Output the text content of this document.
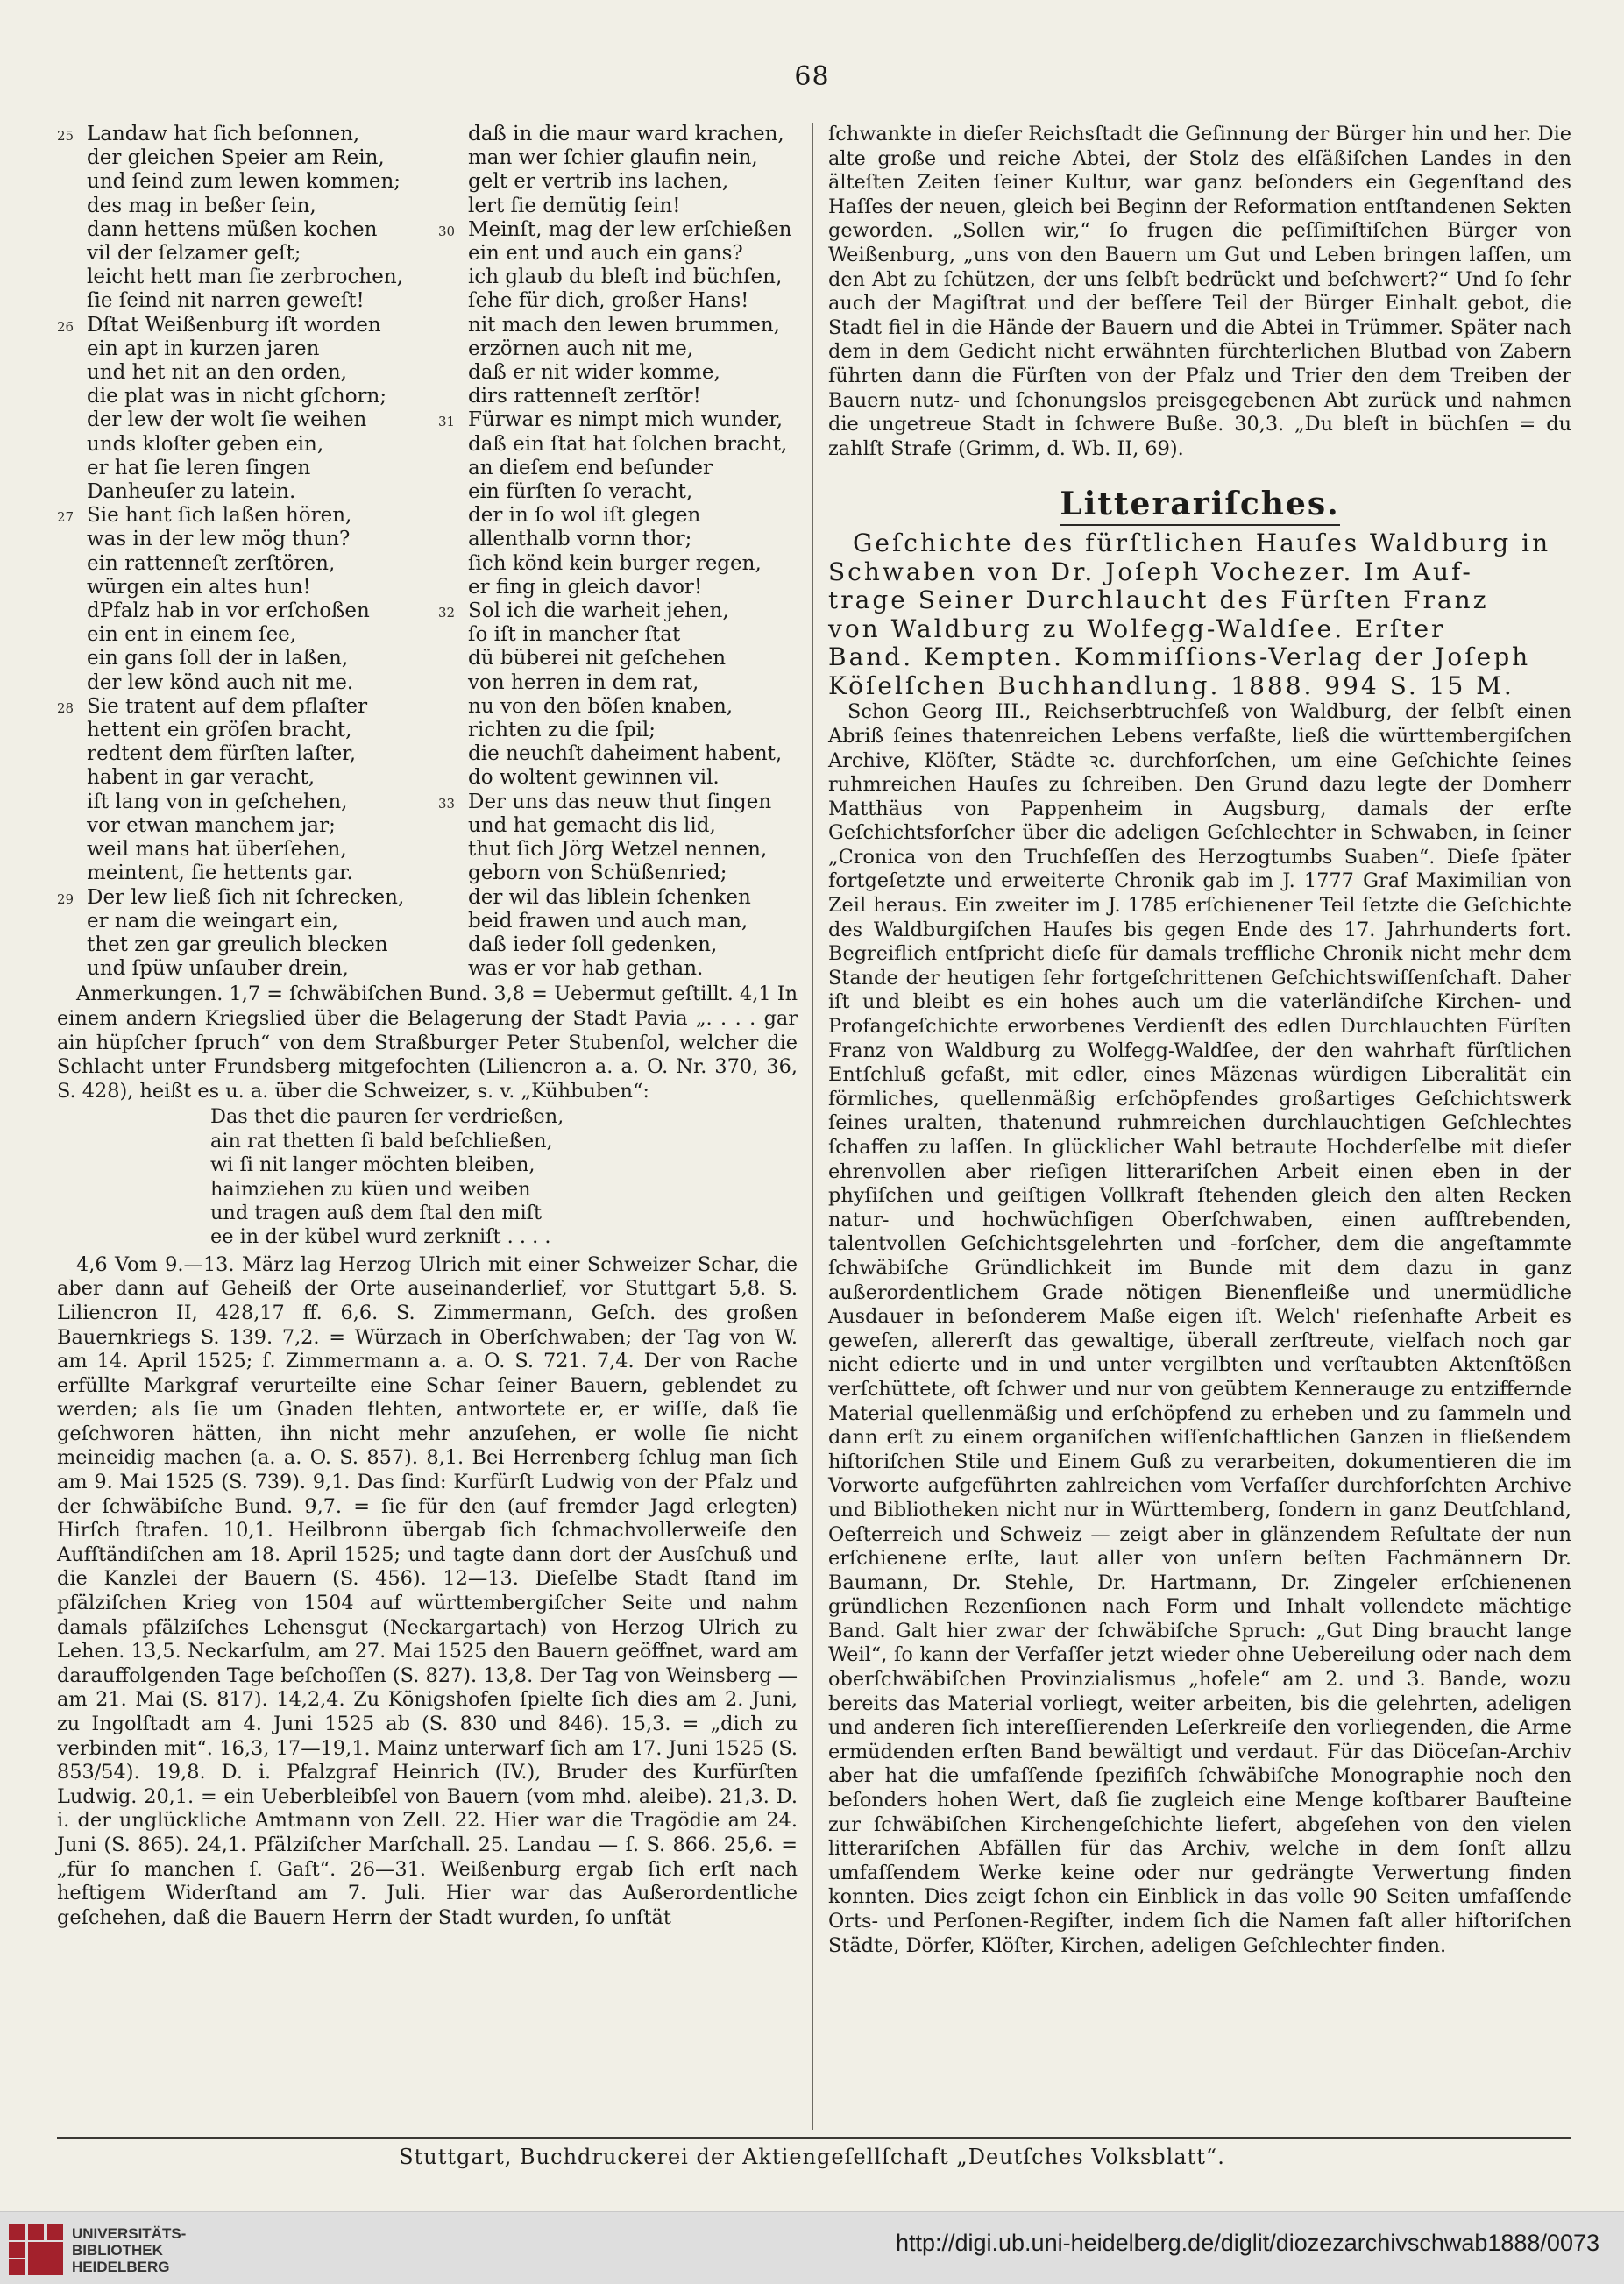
68
25 Landaw hat ſich beſonnen,
der gleichen Speier am Rein,
und ſeind zum lewen kommen;
des mag in beßer ſein,
dann hettens müßen kochen
vil der ſelzamer geſt;
leicht hett man ſie zerbrochen,
ſie ſeind nit narren geweſt!
26 Dſtat Weißenburg iſt worden
ein apt in kurzen jaren
und het nit an den orden,
die plat was in nicht gſchorn;
der lew der wolt ſie weihen
unds kloſter geben ein,
er hat ſie leren ſingen
Danheuſer zu latein.
27 Sie hant ſich laßen hören,
was in der lew mög thun?
ein rattenneſt zerſtören,
würgen ein altes hun!
dPfalz hab in vor erſchoßen
ein ent in einem ſee,
ein gans ſoll der in laßen,
der lew könd auch nit me.
28 Sie tratent auf dem pflaſter
hettent ein gröſen bracht,
redtent dem fürſten laſter,
habent in gar veracht,
iſt lang von in geſchehen,
vor etwan manchem jar;
weil mans hat überſehen,
meintent, ſie hettents gar.
29 Der lew ließ ſich nit ſchrecken,
er nam die weingart ein,
thet zen gar greulich blecken
und ſpüw unſauber drein,
daß in die maur ward krachen,
man wer ſchier glaufin nein,
gelt er vertrib ins lachen,
lert ſie demütig ſein!
30 Meinſt, mag der lew erſchießen
ein ent und auch ein gans?
ich glaub du bleſt ind büchſen,
ſehe für dich, großer Hans!
nit mach den lewen brummen,
erzörnen auch nit me,
daß er nit wider komme,
dirs rattenneſt zerſtör!
31 Fürwar es nimpt mich wunder,
daß ein ſtat hat ſolchen bracht,
an dieſem end beſunder
ein fürſten ſo veracht,
der in ſo wol iſt glegen
allenthalb vornn thor;
ſich könd kein burger regen,
er fing in gleich davor!
32 Sol ich die warheit jehen,
ſo iſt in mancher ſtat
dü büberei nit geſchehen
von herren in dem rat,
nu von den böſen knaben,
richten zu die ſpil;
die neuchſt daheiment habent,
do woltent gewinnen vil.
33 Der uns das neuw thut ſingen
und hat gemacht dis lid,
thut ſich Jörg Wetzel nennen,
geborn von Schüßenried;
der wil das liblein ſchenken
beid frawen und auch man,
daß ieder ſoll gedenken,
was er vor hab gethan.

Anmerkungen. 1,7 = ſchwäbiſchen Bund. 3,8 = Uebermut geſtillt. 4,1 In einem andern Kriegslied über die Belagerung der Stadt Pavia „. . . . gar ain hüpſcher ſpruch“ von dem Straßburger Peter Stubenſol, welcher die Schlacht unter Frundsberg mitgefochten (Liliencron a. a. O. Nr. 370, 36, S. 428), heißt es u. a. über die Schweizer, s. v. „Kühbuben“:

Das thet die pauren ſer verdrießen,
ain rat thetten ſi bald beſchließen,
wi ſi nit langer möchten bleiben,
haimziehen zu küen und weiben
und tragen auß dem ſtal den miſt
ee in der kübel wurd zerkniſt . . . .

4,6 Vom 9.—13. März lag Herzog Ulrich mit einer Schweizer Schar, die aber dann auf Geheiß der Orte auseinanderlief, vor Stuttgart 5,8. S. Liliencron II, 428,17 ff. 6,6. S. Zimmermann, Geſch. des großen Bauernkriegs S. 139. 7,2. = Würzach in Oberſchwaben; der Tag von W. am 14. April 1525; ſ. Zimmermann a. a. O. S. 721. 7,4. Der von Rache erfüllte Markgraf verurteilte eine Schar ſeiner Bauern, geblendet zu werden; als ſie um Gnaden flehten, antwortete er, er wiſſe, daß ſie geſchworen hätten, ihn nicht mehr anzuſehen, er wolle ſie nicht meineidig machen (a. a. O. S. 857). 8,1. Bei Herrenberg ſchlug man ſich am 9. Mai 1525 (S. 739). 9,1. Das ſind: Kurfürſt Ludwig von der Pfalz und der ſchwäbiſche Bund. 9,7. = ſie für den (auf fremder Jagd erlegten) Hirſch ſtrafen. 10,1. Heilbronn übergab ſich ſchmachvollerweiſe den Aufſtändiſchen am 18. April 1525; und tagte dann dort der Ausſchuß und die Kanzlei der Bauern (S. 456). 12—13. Dieſelbe Stadt ſtand im pfälziſchen Krieg von 1504 auf württembergiſcher Seite und nahm damals pfälziſches Lehensgut (Neckargartach) von Herzog Ulrich zu Lehen. 13,5. Neckarſulm, am 27. Mai 1525 den Bauern geöffnet, ward am darauffolgenden Tage beſchoſſen (S. 827). 13,8. Der Tag von Weinsberg — am 21. Mai (S. 817). 14,2,4. Zu Königshofen ſpielte ſich dies am 2. Juni, zu Ingolſtadt am 4. Juni 1525 ab (S. 830 und 846). 15,3. = „dich zu verbinden mit“. 16,3, 17—19,1. Mainz unterwarf ſich am 17. Juni 1525 (S. 853/54). 19,8. D. i. Pfalzgraf Heinrich (IV.), Bruder des Kurfürſten Ludwig. 20,1. = ein Ueberbleibſel von Bauern (vom mhd. aleibe). 21,3. D. i. der unglückliche Amtmann von Zell. 22. Hier war die Tragödie am 24. Juni (S. 865). 24,1. Pfälziſcher Marſchall. 25. Landau — ſ. S. 866. 25,6. = „für ſo manchen ſ. Gaſt“. 26—31. Weißenburg ergab ſich erſt nach heftigem Widerſtand am 7. Juli. Hier war das Außerordentliche geſchehen, daß die Bauern Herrn der Stadt wurden, ſo unſtät

ſchwankte in dieſer Reichsſtadt die Geſinnung der Bürger hin und her. Die alte große und reiche Abtei, der Stolz des elſäßiſchen Landes in den älteſten Zeiten ſeiner Kultur, war ganz beſonders ein Gegenſtand des Haſſes der neuen, gleich bei Beginn der Reformation entſtandenen Sekten geworden. „Sollen wir,“ ſo frugen die peſſimiſtiſchen Bürger von Weißenburg, „uns von den Bauern um Gut und Leben bringen laſſen, um den Abt zu ſchützen, der uns ſelbſt bedrückt und beſchwert?“ Und ſo ſehr auch der Magiſtrat und der beſſere Teil der Bürger Einhalt gebot, die Stadt fiel in die Hände der Bauern und die Abtei in Trümmer. Später nach dem in dem Gedicht nicht erwähnten fürchterlichen Blutbad von Zabern führten dann die Fürſten von der Pfalz und Trier den dem Treiben der Bauern nutz- und ſchonungslos preisgegebenen Abt zurück und nahmen die ungetreue Stadt in ſchwere Buße. 30,3. „Du bleſt in büchſen = du zahlſt Strafe (Grimm, d. Wb. II, 69).

Litterariſches.
Geſchichte des fürſtlichen Hauſes Waldburg in
Schwaben von Dr. Joſeph Vochezer. Im Auf-
trage Seiner Durchlaucht des Fürſten Franz
von Waldburg zu Wolfegg-Waldſee. Erſter
Band. Kempten. Kommiſſions-Verlag der Joſeph
Köſelſchen Buchhandlung. 1888. 994 S. 15 M.

Schon Georg III., Reichserbtruchſeß von Waldburg, der ſelbſt einen Abriß ſeines thatenreichen Lebens verfaßte, ließ die württembergiſchen Archive, Klöſter, Städte ꝛc. durchforſchen, um eine Geſchichte ſeines ruhmreichen Hauſes zu ſchreiben. Den Grund dazu legte der Domherr Matthäus von Pappenheim in Augsburg, damals der erſte Geſchichtsforſcher über die adeligen Geſchlechter in Schwaben, in ſeiner „Cronica von den Truchſeſſen des Herzogtumbs Suaben“. Dieſe ſpäter fortgeſetzte und erweiterte Chronik gab im J. 1777 Graf Maximilian von Zeil heraus. Ein zweiter im J. 1785 erſchienener Teil ſetzte die Geſchichte des Waldburgiſchen Hauſes bis gegen Ende des 17. Jahrhunderts fort. Begreiflich entſpricht dieſe für damals treffliche Chronik nicht mehr dem Stande der heutigen ſehr fortgeſchrittenen Geſchichtswiſſenſchaft. Daher iſt und bleibt es ein hohes auch um die vaterländiſche Kirchen- und Profangeſchichte erworbenes Verdienſt des edlen Durchlauchten Fürſten Franz von Waldburg zu Wolfegg-Waldſee, der den wahrhaft fürſtlichen Entſchluß gefaßt, mit edler, eines Mäzenas würdigen Liberalität ein förmliches, quellenmäßig erſchöpfendes großartiges Geſchichtswerk ſeines uralten, thatenund ruhmreichen durchlauchtigen Geſchlechtes ſchaffen zu laſſen. In glücklicher Wahl betraute Hochderſelbe mit dieſer ehrenvollen aber rieſigen litterariſchen Arbeit einen eben in der phyſiſchen und geiſtigen Vollkraft ſtehenden gleich den alten Recken natur- und hochwüchſigen Oberſchwaben, einen aufſtrebenden, talentvollen Geſchichtsgelehrten und -forſcher, dem die angeſtammte ſchwäbiſche Gründlichkeit im Bunde mit dem dazu in ganz außerordentlichem Grade nötigen Bienenfleiße und unermüdliche Ausdauer in beſonderem Maße eigen iſt. Welch' rieſenhafte Arbeit es geweſen, allererſt das gewaltige, überall zerſtreute, vielfach noch gar nicht edierte und in und unter vergilbten und verſtaubten Aktenſtößen verſchüttete, oft ſchwer und nur von geübtem Kennerauge zu entziffernde Material quellenmäßig und erſchöpfend zu erheben und zu ſammeln und dann erſt zu einem organiſchen wiſſenſchaftlichen Ganzen in fließendem hiſtoriſchen Stile und Einem Guß zu verarbeiten, dokumentieren die im Vorworte aufgeführten zahlreichen vom Verfaſſer durchforſchten Archive und Bibliotheken nicht nur in Württemberg, ſondern in ganz Deutſchland, Oeſterreich und Schweiz — zeigt aber in glänzendem Reſultate der nun erſchienene erſte, laut aller von unſern beſten Fachmännern Dr. Baumann, Dr. Stehle, Dr. Hartmann, Dr. Zingeler erſchienenen gründlichen Rezenſionen nach Form und Inhalt vollendete mächtige Band. Galt hier zwar der ſchwäbiſche Spruch: „Gut Ding braucht lange Weil“, ſo kann der Verfaſſer jetzt wieder ohne Uebereilung oder nach dem oberſchwäbiſchen Provinzialismus „hofele“ am 2. und 3. Bande, wozu bereits das Material vorliegt, weiter arbeiten, bis die gelehrten, adeligen und anderen ſich intereſſierenden Leſerkreiſe den vorliegenden, die Arme ermüdenden erſten Band bewältigt und verdaut. Für das Diöceſan-Archiv aber hat die umfaſſende ſpezifiſch ſchwäbiſche Monographie noch den beſonders hohen Wert, daß ſie zugleich eine Menge koſtbarer Bauſteine zur ſchwäbiſchen Kirchengeſchichte liefert, abgeſehen von den vielen litterariſchen Abfällen für das Archiv, welche in dem ſonſt allzu umfaſſendem Werke keine oder nur gedrängte Verwertung finden konnten. Dies zeigt ſchon ein Einblick in das volle 90 Seiten umfaſſende Orts- und Perſonen-Regiſter, indem ſich die Namen faſt aller hiſtoriſchen Städte, Dörfer, Klöſter, Kirchen, adeligen Geſchlechter finden.

Stuttgart, Buchdruckerei der Aktiengeſellſchaft „Deutſches Volksblatt“.
UNIVERSITÄTS-
BIBLIOTHEK
HEIDELBERG
http://digi.ub.uni-heidelberg.de/diglit/diozezarchivschwab1888/0073
